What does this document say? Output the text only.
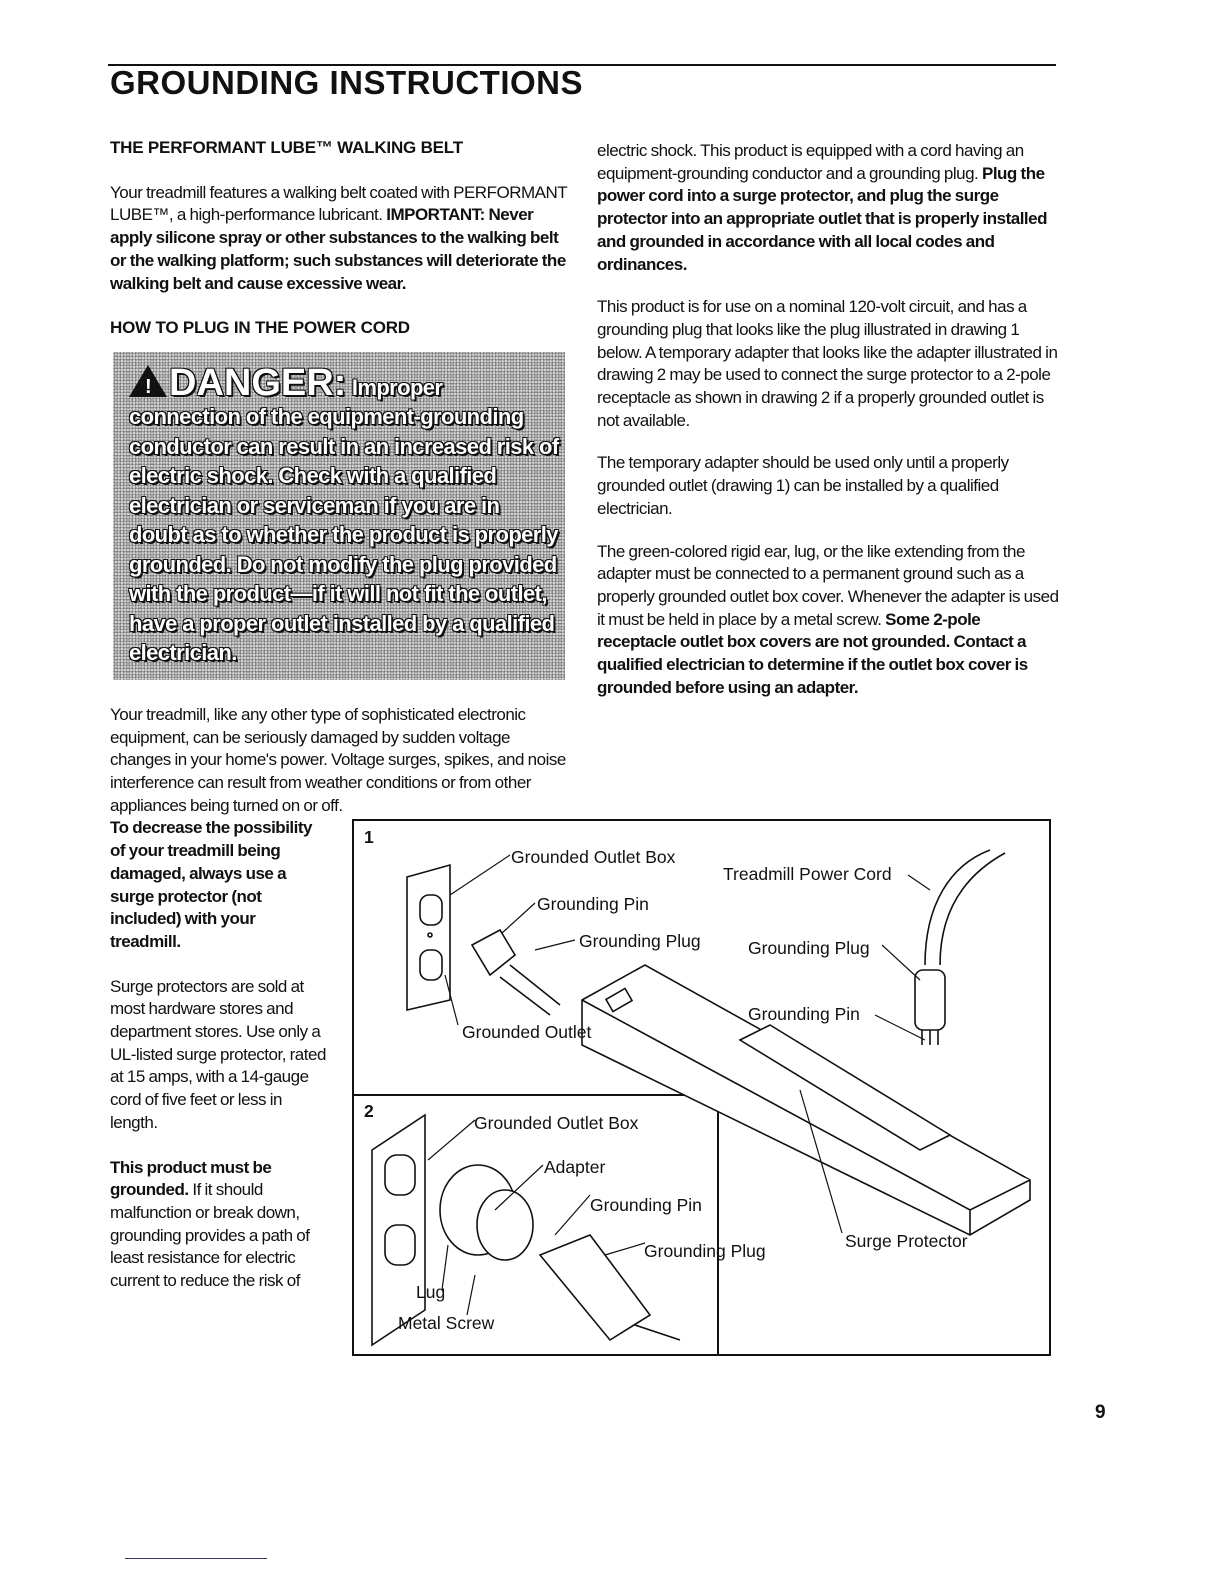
GROUNDING INSTRUCTIONS
THE PERFORMANT LUBE™ WALKING BELT
Your treadmill features a walking belt coated with PERFORMANT LUBE™, a high-performance lubricant. IMPORTANT: Never apply silicone spray or other substances to the walking belt or the walking platform; such substances will deteriorate the walking belt and cause excessive wear.
HOW TO PLUG IN THE POWER CORD
! DANGER: Improper connection of the equipment-grounding conductor can result in an increased risk of electric shock. Check with a qualified electrician or serviceman if you are in doubt as to whether the product is properly grounded. Do not modify the plug provided with the product—if it will not fit the outlet, have a proper outlet installed by a qualified electrician.
Your treadmill, like any other type of sophisticated electronic equipment, can be seriously damaged by sudden voltage changes in your home's power. Voltage surges, spikes, and noise interference can result from weather conditions or from other appliances being turned on or off.
To decrease the possibility of your treadmill being damaged, always use a surge protector (not included) with your treadmill.
Surge protectors are sold at most hardware stores and department stores. Use only a UL-listed surge protector, rated at 15 amps, with a 14-gauge cord of five feet or less in length.
This product must be grounded. If it should malfunction or break down, grounding provides a path of least resistance for electric current to reduce the risk of
electric shock. This product is equipped with a cord having an equipment-grounding conductor and a grounding plug. Plug the power cord into a surge protector, and plug the surge protector into an appropriate outlet that is properly installed and grounded in accordance with all local codes and ordinances.
This product is for use on a nominal 120-volt circuit, and has a grounding plug that looks like the plug illustrated in drawing 1 below. A temporary adapter that looks like the adapter illustrated in drawing 2 may be used to connect the surge protector to a 2-pole receptacle as shown in drawing 2 if a properly grounded outlet is not available.
The temporary adapter should be used only until a properly grounded outlet (drawing 1) can be installed by a qualified electrician.
The green-colored rigid ear, lug, or the like extending from the adapter must be connected to a permanent ground such as a properly grounded outlet box cover. Whenever the adapter is used it must be held in place by a metal screw. Some 2-pole receptacle outlet box covers are not grounded. Contact a qualified electrician to determine if the outlet box cover is grounded before using an adapter.
1
2
Grounded Outlet Box
Grounding Pin
Grounding Plug
Grounded Outlet
Treadmill Power Cord
Grounding Plug
Grounding Pin
Surge Protector
Grounded Outlet Box
Adapter
Grounding Pin
Grounding Plug
Lug
Metal Screw
9
